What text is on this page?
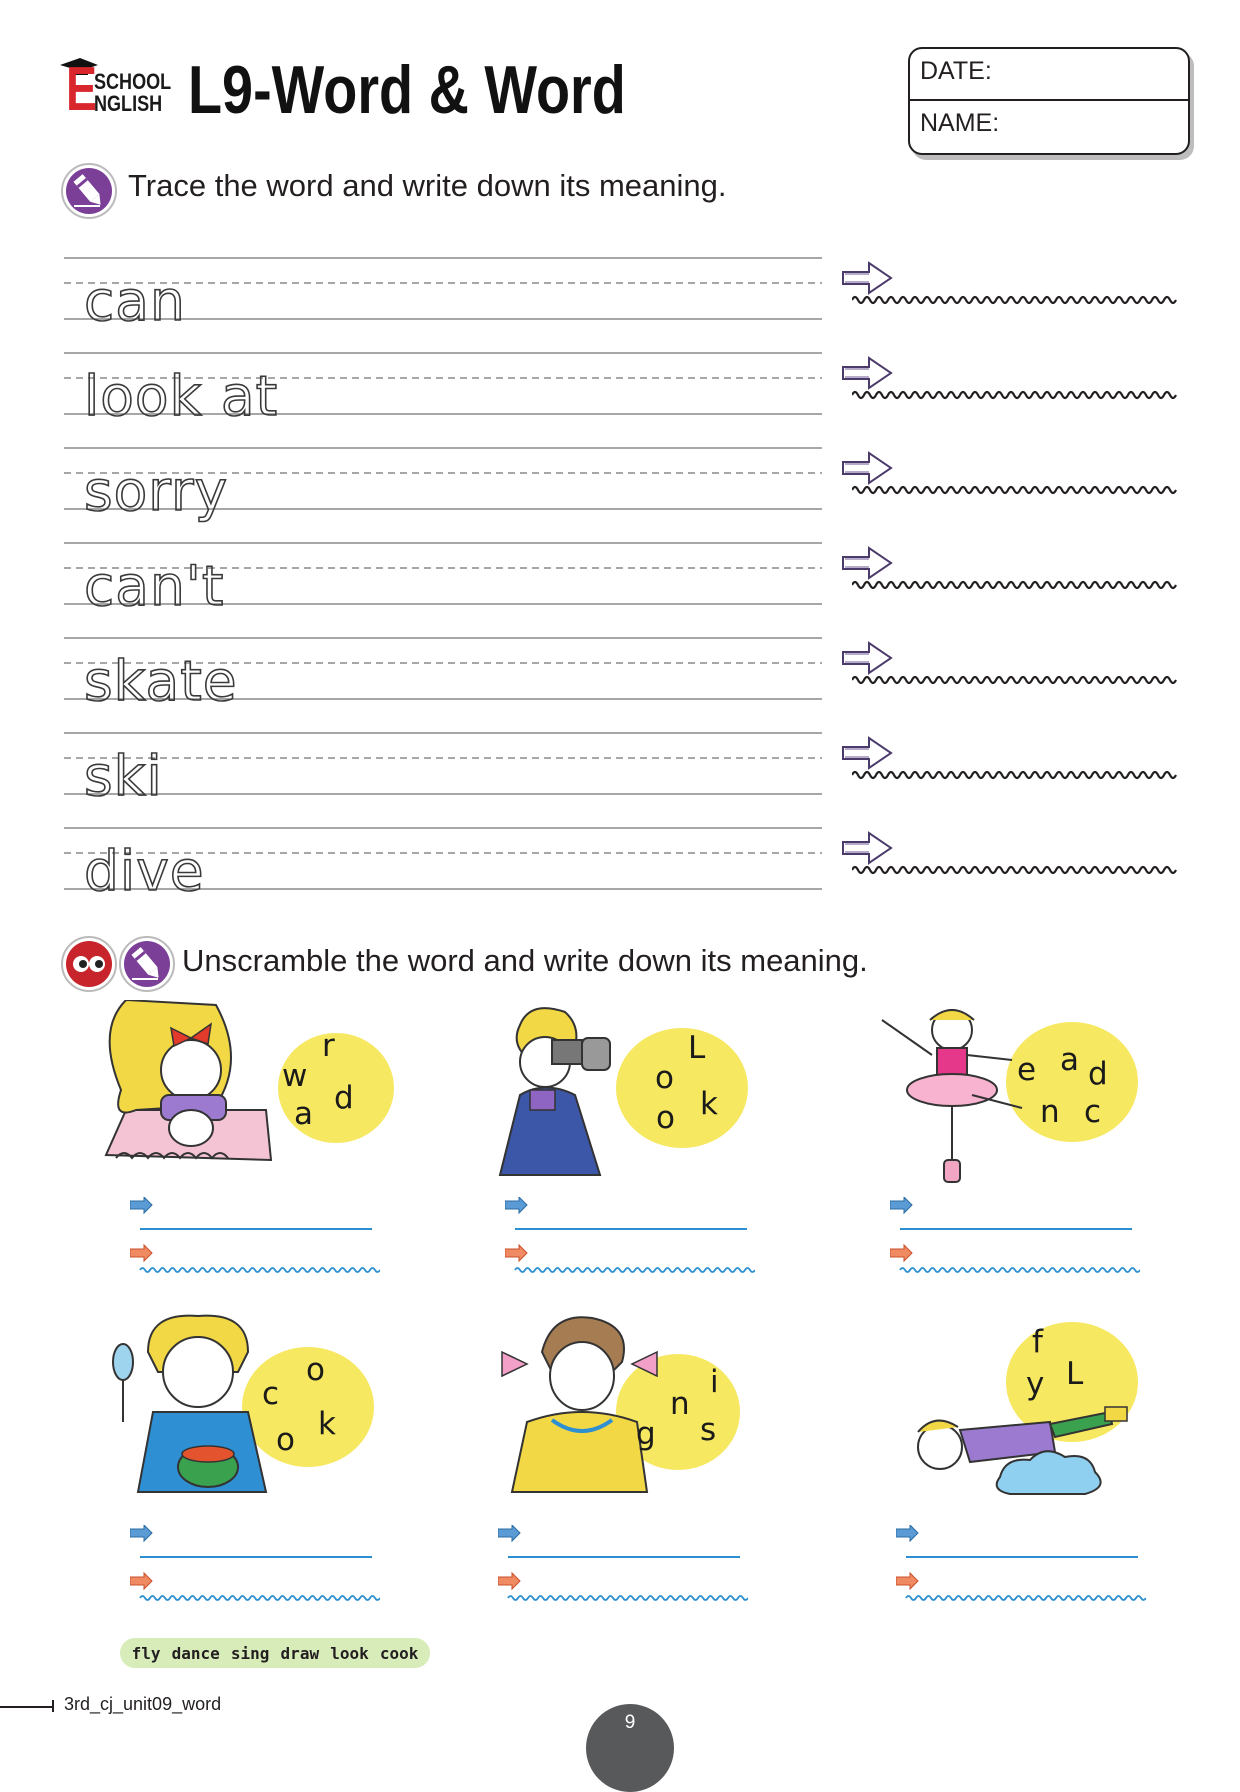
E
SCHOOL
NGLISH L9-Word & Word	DATE:
NAME:
Trace the word and write down its meaning.
can
look at
sorry
can't
skate
ski
dive
Unscramble the word and write down its meaning.
r
w
d
a
L
o
k
o
a
e d
n c
o
c
k
o
i
n
g s
f
L
y
fly dance sing draw look cook
3rd_cj_unit09_word
9
